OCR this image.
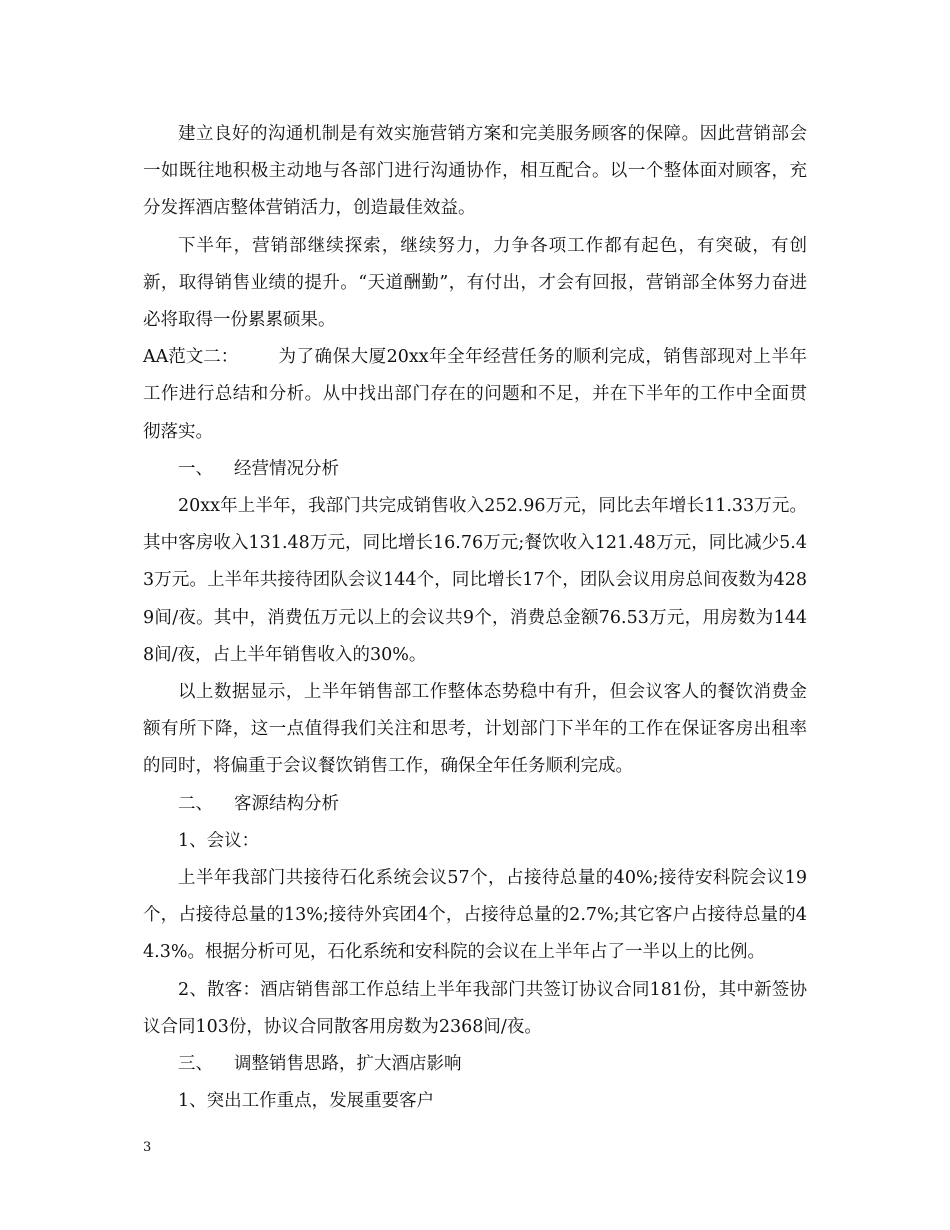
建立良好的沟通机制是有效实施营销方案和完美服务顾客的保障。因此营销部会一如既往地积极主动地与各部门进行沟通协作，相互配合。以一个整体面对顾客，充分发挥酒店整体营销活力，创造最佳效益。

下半年，营销部继续探索，继续努力，力争各项工作都有起色，有突破，有创新，取得销售业绩的提升。“天道酬勤”，有付出，才会有回报，营销部全体努力奋进必将取得一份累累硕果。

AA范文二： 为了确保大厦20xx年全年经营任务的顺利完成，销售部现对上半年工作进行总结和分析。从中找出部门存在的问题和不足，并在下半年的工作中全面贯彻落实。

一、 经营情况分析

20xx年上半年，我部门共完成销售收入252.96万元，同比去年增长11.33万元。其中客房收入131.48万元，同比增长16.76万元;餐饮收入121.48万元，同比减少5.43万元。上半年共接待团队会议144个，同比增长17个，团队会议用房总间夜数为4289间/夜。其中，消费伍万元以上的会议共9个，消费总金额76.53万元，用房数为1448间/夜，占上半年销售收入的30%。

以上数据显示，上半年销售部工作整体态势稳中有升，但会议客人的餐饮消费金额有所下降，这一点值得我们关注和思考，计划部门下半年的工作在保证客房出租率的同时，将偏重于会议餐饮销售工作，确保全年任务顺利完成。

二、 客源结构分析

1、会议：

上半年我部门共接待石化系统会议57个，占接待总量的40%;接待安科院会议19个，占接待总量的13%;接待外宾团4个，占接待总量的2.7%;其它客户占接待总量的44.3%。根据分析可见，石化系统和安科院的会议在上半年占了一半以上的比例。

2、散客：酒店销售部工作总结上半年我部门共签订协议合同181份，其中新签协议合同103份，协议合同散客用房数为2368间/夜。

三、 调整销售思路，扩大酒店影响

1、突出工作重点，发展重要客户

3
